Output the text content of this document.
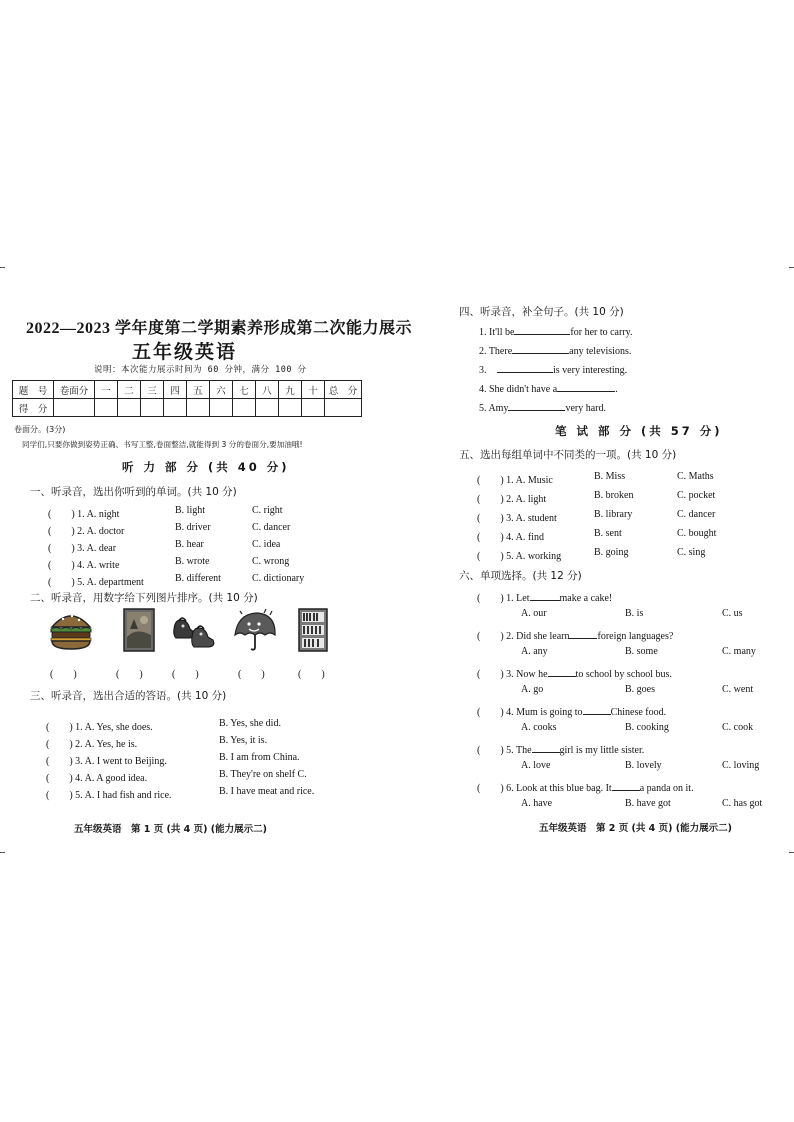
2022—2023 学年度第二学期素养形成第二次能力展示
五年级英语
说明：本次能力展示时间为 60 分钟，满分 100 分
题　号	卷面分	一	二	三	四	五	六	七	八	九	十	总　分
得　分												
卷面分。(3分)
同学们,只要你做到姿势正确、书写工整,卷面整洁,就能得到 3 分的卷面分,要加油哦!
听 力 部 分 (共 40 分)
一、听录音，选出你听到的单词。(共 10 分)
(　　) 1. A. night	B. light	C. right
(　　) 2. A. doctor	B. driver	C. dancer
(　　) 3. A. dear	B. hear	C. idea
(　　) 4. A. write	B. wrote	C. wrong
(　　) 5. A. department	B. different	C. dictionary
二、听录音，用数字给下列图片排序。(共 10 分)
(　　)	(　　)	(　　)	(　　)	(　　)
三、听录音，选出合适的答语。(共 10 分)
(　　) 1. A. Yes, she does.	B. Yes, she did.
(　　) 2. A. Yes, he is.	B. Yes, it is.
(　　) 3. A. I went to Beijing.	B. I am from China.
(　　) 4. A. A good idea.	B. They're on shelf C.
(　　) 5. A. I had fish and rice.	B. I have meat and rice.
五年级英语　第 1 页 (共 4 页) (能力展示二)
四、听录音，补全句子。(共 10 分)
1. It'll be	for her to carry.
2. There	any televisions.
3.	is very interesting.
4. She didn't have a	.
5. Amy	very hard.
笔 试 部 分 (共 57 分)
五、选出每组单词中不同类的一项。(共 10 分)
(　　) 1. A. Music	B. Miss	C. Maths
(　　) 2. A. light	B. broken	C. pocket
(　　) 3. A. student	B. library	C. dancer
(　　) 4. A. find	B. sent	C. bought
(　　) 5. A. working	B. going	C. sing
六、单项选择。(共 12 分)
(　　) 1. Let	make a cake!
A. our	B. is	C. us
(　　) 2. Did she learn	foreign languages?
A. any	B. some	C. many
(　　) 3. Now he	to school by school bus.
A. go	B. goes	C. went
(　　) 4. Mum is going to	Chinese food.
A. cooks	B. cooking	C. cook
(　　) 5. The	girl is my little sister.
A. love	B. lovely	C. loving
(　　) 6. Look at this blue bag. It	a panda on it.
A. have	B. have got	C. has got
五年级英语　第 2 页 (共 4 页) (能力展示二)
